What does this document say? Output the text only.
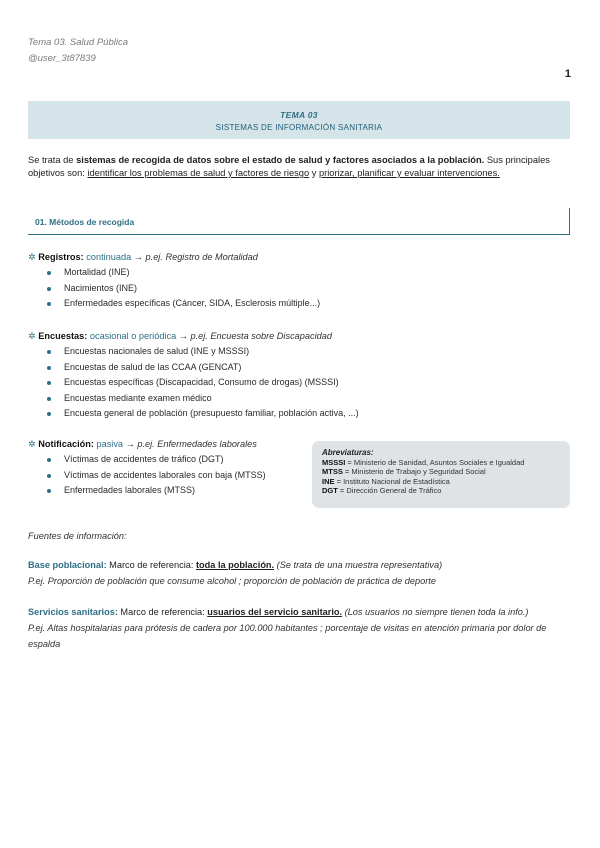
Tema 03. Salud Pública
@user_3t87839
1
TEMA 03
SISTEMAS DE INFORMACIÓN SANITARIA
Se trata de sistemas de recogida de datos sobre el estado de salud y factores asociados a la población. Sus principales objetivos son: identificar los problemas de salud y factores de riesgo y priorizar, planificar y evaluar intervenciones.
01. Métodos de recogida
✲ Registros: continuada → p.ej. Registro de Mortalidad
Mortalidad (INE)
Nacimientos (INE)
Enfermedades específicas (Cáncer, SIDA, Esclerosis múltiple...)
✲ Encuestas: ocasional o periódica → p.ej. Encuesta sobre Discapacidad
Encuestas nacionales de salud (INE y MSSSI)
Encuestas de salud de las CCAA (GENCAT)
Encuestas específicas (Discapacidad, Consumo de drogas) (MSSSI)
Encuestas mediante examen médico
Encuesta general de población (presupuesto familiar, población activa, ...)
✲ Notificación: pasiva → p.ej. Enfermedades laborales
Víctimas de accidentes de tráfico (DGT)
Víctimas de accidentes laborales con baja (MTSS)
Enfermedades laborales (MTSS)
Abreviaturas:
MSSSI = Ministerio de Sanidad, Asuntos Sociales e Igualdad
MTSS = Ministerio de Trabajo y Seguridad Social
INE = Instituto Nacional de Estadística
DGT = Dirección General de Tráfico
Fuentes de información:
Base poblacional: Marco de referencia: toda la población. (Se trata de una muestra representativa)
P.ej. Proporción de población que consume alcohol ; proporción de población de práctica de deporte
Servicios sanitarios: Marco de referencia: usuarios del servicio sanitario. (Los usuarios no siempre tienen toda la info.)
P.ej. Altas hospitalarias para prótesis de cadera por 100.000 habitantes ; porcentaje de visitas en atención primaria por dolor de espalda
